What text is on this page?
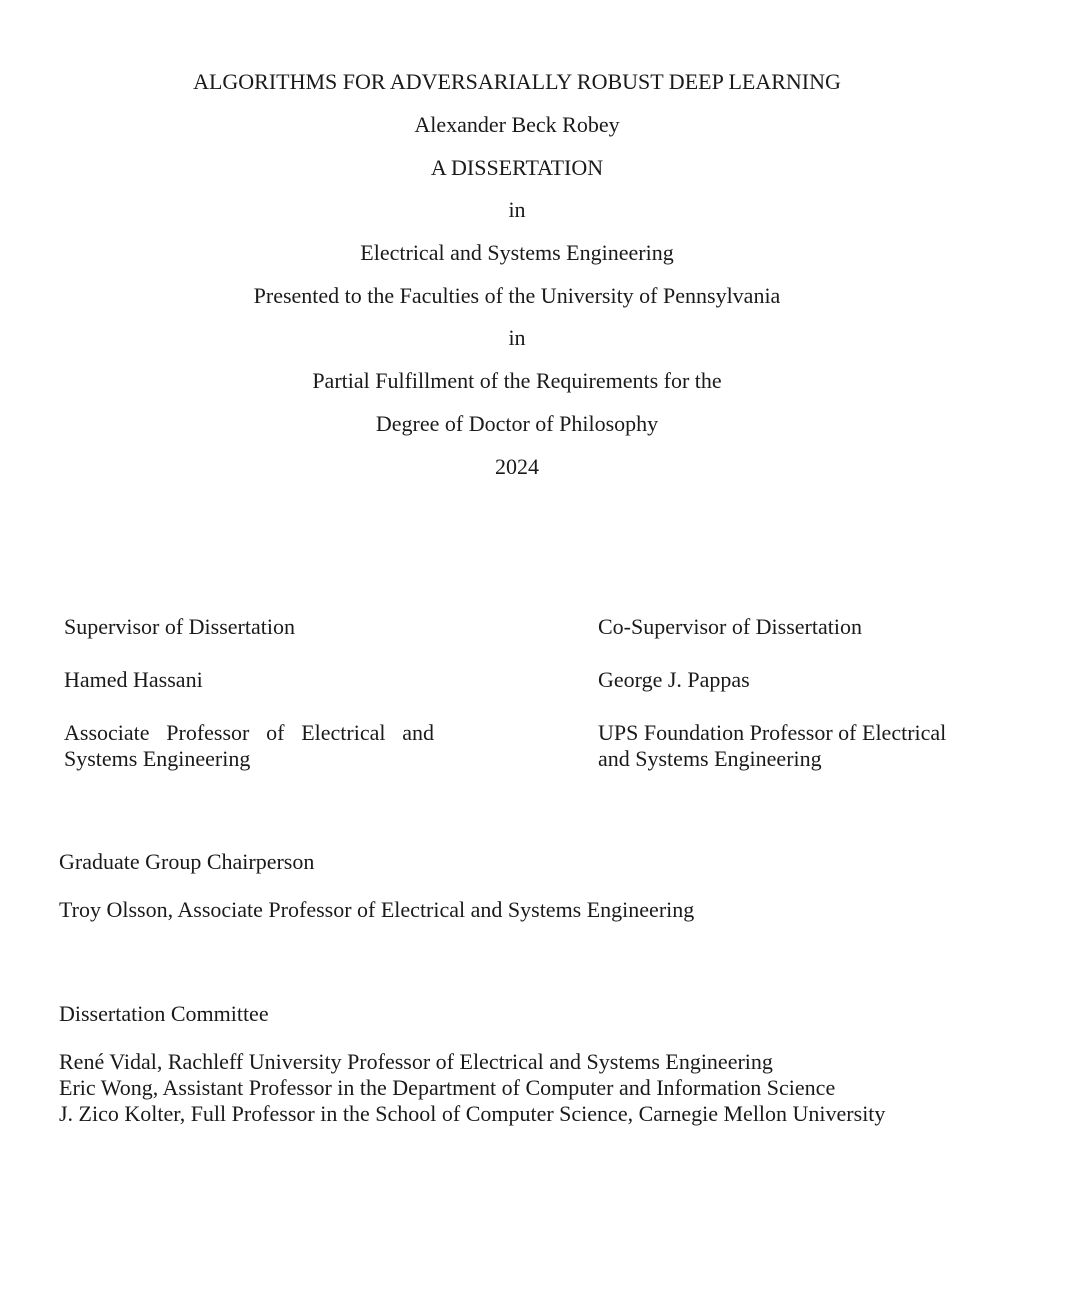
ALGORITHMS FOR ADVERSARIALLY ROBUST DEEP LEARNING
Alexander Beck Robey
A DISSERTATION
in
Electrical and Systems Engineering
Presented to the Faculties of the University of Pennsylvania
in
Partial Fulfillment of the Requirements for the
Degree of Doctor of Philosophy
2024
Supervisor of Dissertation
Hamed Hassani
Associate Professor of Electrical and Systems Engineering
Co-Supervisor of Dissertation
George J. Pappas
UPS Foundation Professor of Electrical and Systems Engineering
Graduate Group Chairperson
Troy Olsson, Associate Professor of Electrical and Systems Engineering
Dissertation Committee
René Vidal, Rachleff University Professor of Electrical and Systems Engineering
Eric Wong, Assistant Professor in the Department of Computer and Information Science
J. Zico Kolter, Full Professor in the School of Computer Science, Carnegie Mellon University
